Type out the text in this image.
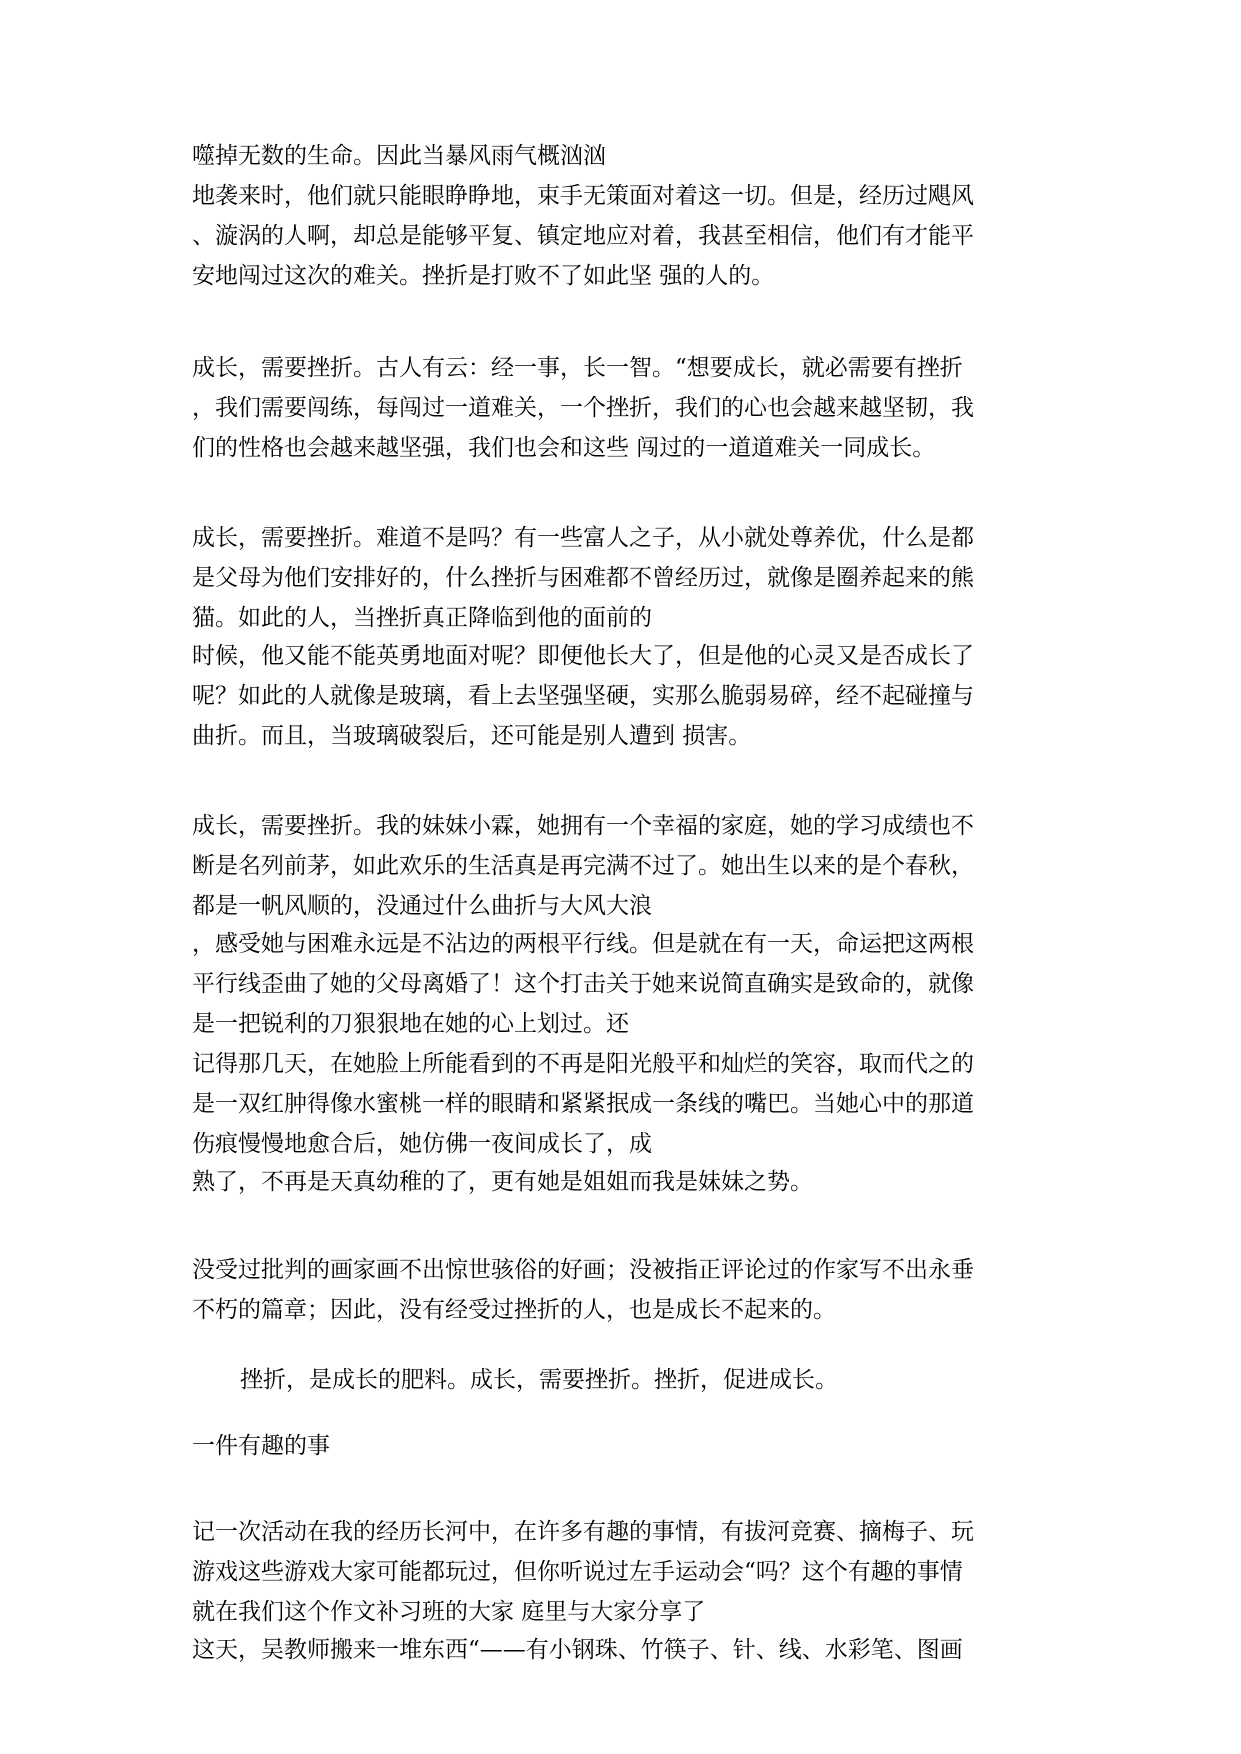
噬掉无数的生命。因此当暴风雨气概汹汹
地袭来时，他们就只能眼睁睁地，束手无策面对着这一切。但是，经历过飓风
、漩涡的人啊，却总是能够平复、镇定地应对着，我甚至相信，他们有才能平
安地闯过这次的难关。挫折是打败不了如此坚 强的人的。
成长，需要挫折。古人有云：经一事，长一智。“想要成长，就必需要有挫折
，我们需要闯练，每闯过一道难关，一个挫折，我们的心也会越来越坚韧，我
们的性格也会越来越坚强，我们也会和这些 闯过的一道道难关一同成长。
成长，需要挫折。难道不是吗？有一些富人之子，从小就处尊养优，什么是都
是父母为他们安排好的，什么挫折与困难都不曾经历过，就像是圈养起来的熊
猫。如此的人，当挫折真正降临到他的面前的
时候，他又能不能英勇地面对呢？即便他长大了，但是他的心灵又是否成长了
呢？如此的人就像是玻璃，看上去坚强坚硬，实那么脆弱易碎，经不起碰撞与
曲折。而且，当玻璃破裂后，还可能是别人遭到 损害。
成长，需要挫折。我的妹妹小霖，她拥有一个幸福的家庭，她的学习成绩也不
断是名列前茅，如此欢乐的生活真是再完满不过了。她出生以来的是个春秋，
都是一帆风顺的，没通过什么曲折与大风大浪
，感受她与困难永远是不沾边的两根平行线。但是就在有一天，命运把这两根
平行线歪曲了她的父母离婚了！这个打击关于她来说简直确实是致命的，就像
是一把锐利的刀狠狠地在她的心上划过。还
记得那几天，在她脸上所能看到的不再是阳光般平和灿烂的笑容，取而代之的
是一双红肿得像水蜜桃一样的眼睛和紧紧抿成一条线的嘴巴。当她心中的那道
伤痕慢慢地愈合后，她仿佛一夜间成长了，成
熟了，不再是天真幼稚的了，更有她是姐姐而我是妹妹之势。
没受过批判的画家画不出惊世骇俗的好画；没被指正评论过的作家写不出永垂
不朽的篇章；因此，没有经受过挫折的人，也是成长不起来的。
挫折，是成长的肥料。成长，需要挫折。挫折，促进成长。
一件有趣的事
记一次活动在我的经历长河中，在许多有趣的事情，有拔河竞赛、摘梅子、玩
游戏这些游戏大家可能都玩过，但你听说过左手运动会“吗？这个有趣的事情
就在我们这个作文补习班的大家 庭里与大家分享了
这天，吴教师搬来一堆东西“——有小钢珠、竹筷子、针、线、水彩笔、图画
